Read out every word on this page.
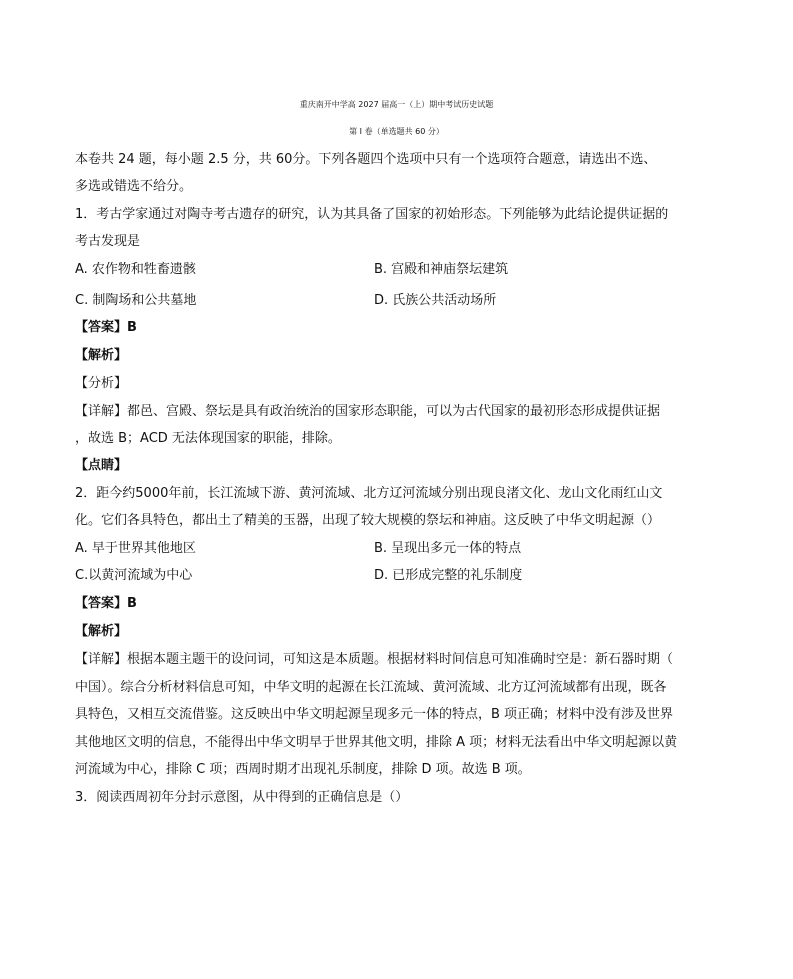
重庆南开中学高 2027 届高一（上）期中考试历史试题
第 I 卷（单选题共 60 分）
本卷共 24 题，每小题 2.5 分，共 60分。下列各题四个选项中只有一个选项符合题意，请选出不选、
多选或错选不给分。
1．考古学家通过对陶寺考古遗存的研究，认为其具备了国家的初始形态。下列能够为此结论提供证据的
考古发现是
A. 农作物和牲畜遗骸	B. 宫殿和神庙祭坛建筑
C. 制陶场和公共墓地	D. 氏族公共活动场所
【答案】B
【解析】
【分析】
【详解】都邑、宫殿、祭坛是具有政治统治的国家形态职能，可以为古代国家的最初形态形成提供证据
，故选 B；ACD 无法体现国家的职能，排除。
【点睛】
2．距今约5000年前，长江流域下游、黄河流域、北方辽河流域分别出现良渚文化、龙山文化雨红山文
化。它们各具特色，都出土了精美的玉器，出现了较大规模的祭坛和神庙。这反映了中华文明起源（）
A. 早于世界其他地区	B. 呈现出多元一体的特点
C.以黄河流域为中心	D. 已形成完整的礼乐制度
【答案】B
【解析】
【详解】根据本题主题干的设问词，可知这是本质题。根据材料时间信息可知准确时空是：新石器时期（
中国）。综合分析材料信息可知，中华文明的起源在长江流域、黄河流域、北方辽河流域都有出现，既各
具特色，又相互交流借鉴。这反映出中华文明起源呈现多元一体的特点，B 项正确；材料中没有涉及世界
其他地区文明的信息，不能得出中华文明早于世界其他文明，排除 A 项；材料无法看出中华文明起源以黄
河流域为中心，排除 C 项；西周时期才出现礼乐制度，排除 D 项。故选 B 项。
3．阅读西周初年分封示意图，从中得到的正确信息是（）
